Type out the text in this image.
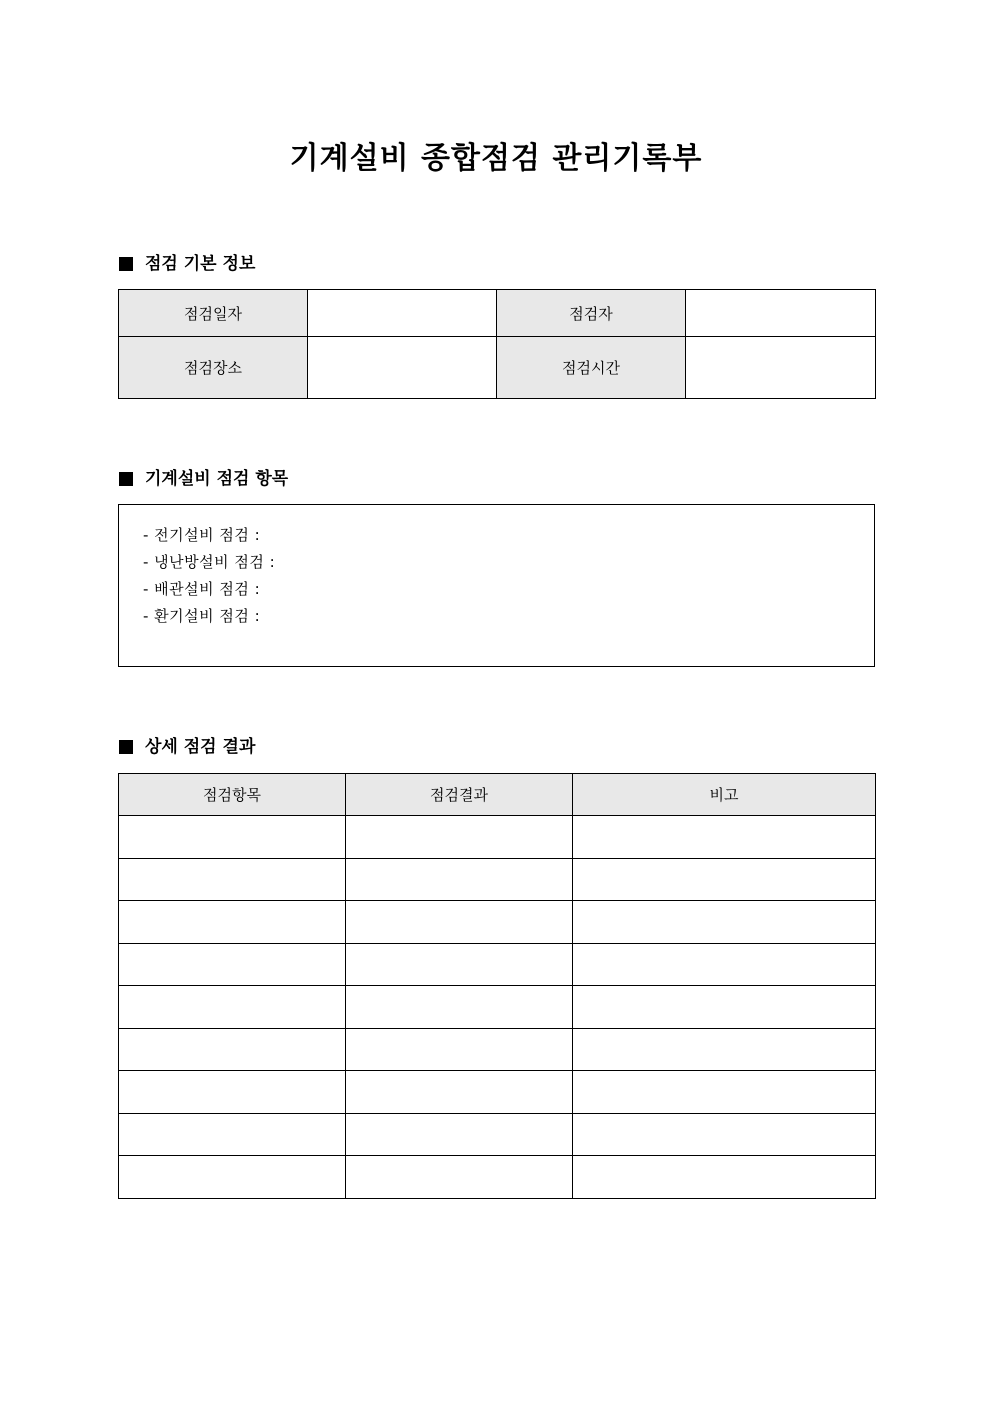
기계설비 종합점검 관리기록부
점검 기본 정보
점검일자		점검자	
점검장소		점검시간	
기계설비 점검 항목
- 전기설비 점검 :
- 냉난방설비 점검 :
- 배관설비 점검 :
- 환기설비 점검 :
상세 점검 결과
점검항목	점검결과	비고
